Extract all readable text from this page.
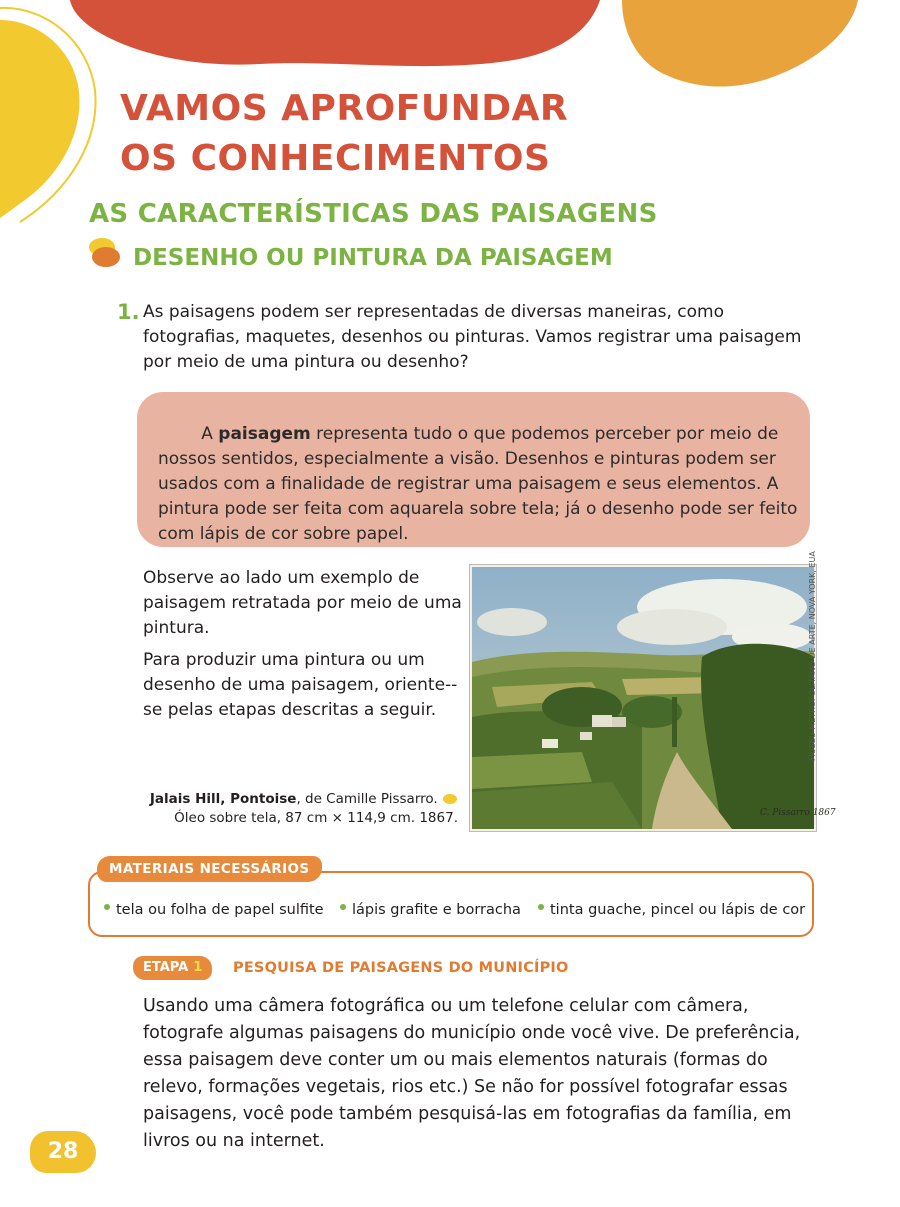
VAMOS APROFUNDAR
OS CONHECIMENTOS
AS CARACTERÍSTICAS DAS PAISAGENS
DESENHO OU PINTURA DA PAISAGEM
1. As paisagens podem ser representadas de diversas maneiras, como fotografias, maquetes, desenhos ou pinturas. Vamos registrar uma paisagem por meio de uma pintura ou desenho?

A paisagem representa tudo o que podemos perceber por meio de nossos sentidos, especialmente a visão. Desenhos e pinturas podem ser usados com a finalidade de registrar uma paisagem e seus elementos. A pintura pode ser feita com aquarela sobre tela; já o desenho pode ser feito com lápis de cor sobre papel.

Observe ao lado um exemplo de paisagem retratada por meio de uma pintura.

Para produzir uma pintura ou um desenho de uma paisagem, oriente--se pelas etapas descritas a seguir.

Jalais Hill, Pontoise, de Camille Pissarro.
Óleo sobre tela, 87 cm × 114,9 cm. 1867.	C. Pissarro 1867
MUSEU METROPOLITANO DE ARTE, NOVA YORK, EUA
MATERIAIS NECESSÁRIOS
tela ou folha de papel sulfite	lápis grafite e borracha	tinta guache, pincel ou lápis de cor
ETAPA 1	PESQUISA DE PAISAGENS DO MUNICÍPIO

Usando uma câmera fotográfica ou um telefone celular com câmera, fotografe algumas paisagens do município onde você vive. De preferência, essa paisagem deve conter um ou mais elementos naturais (formas do relevo, formações vegetais, rios etc.) Se não for possível fotografar essas paisagens, você pode também pesquisá-las em fotografias da família, em livros ou na internet.

28
